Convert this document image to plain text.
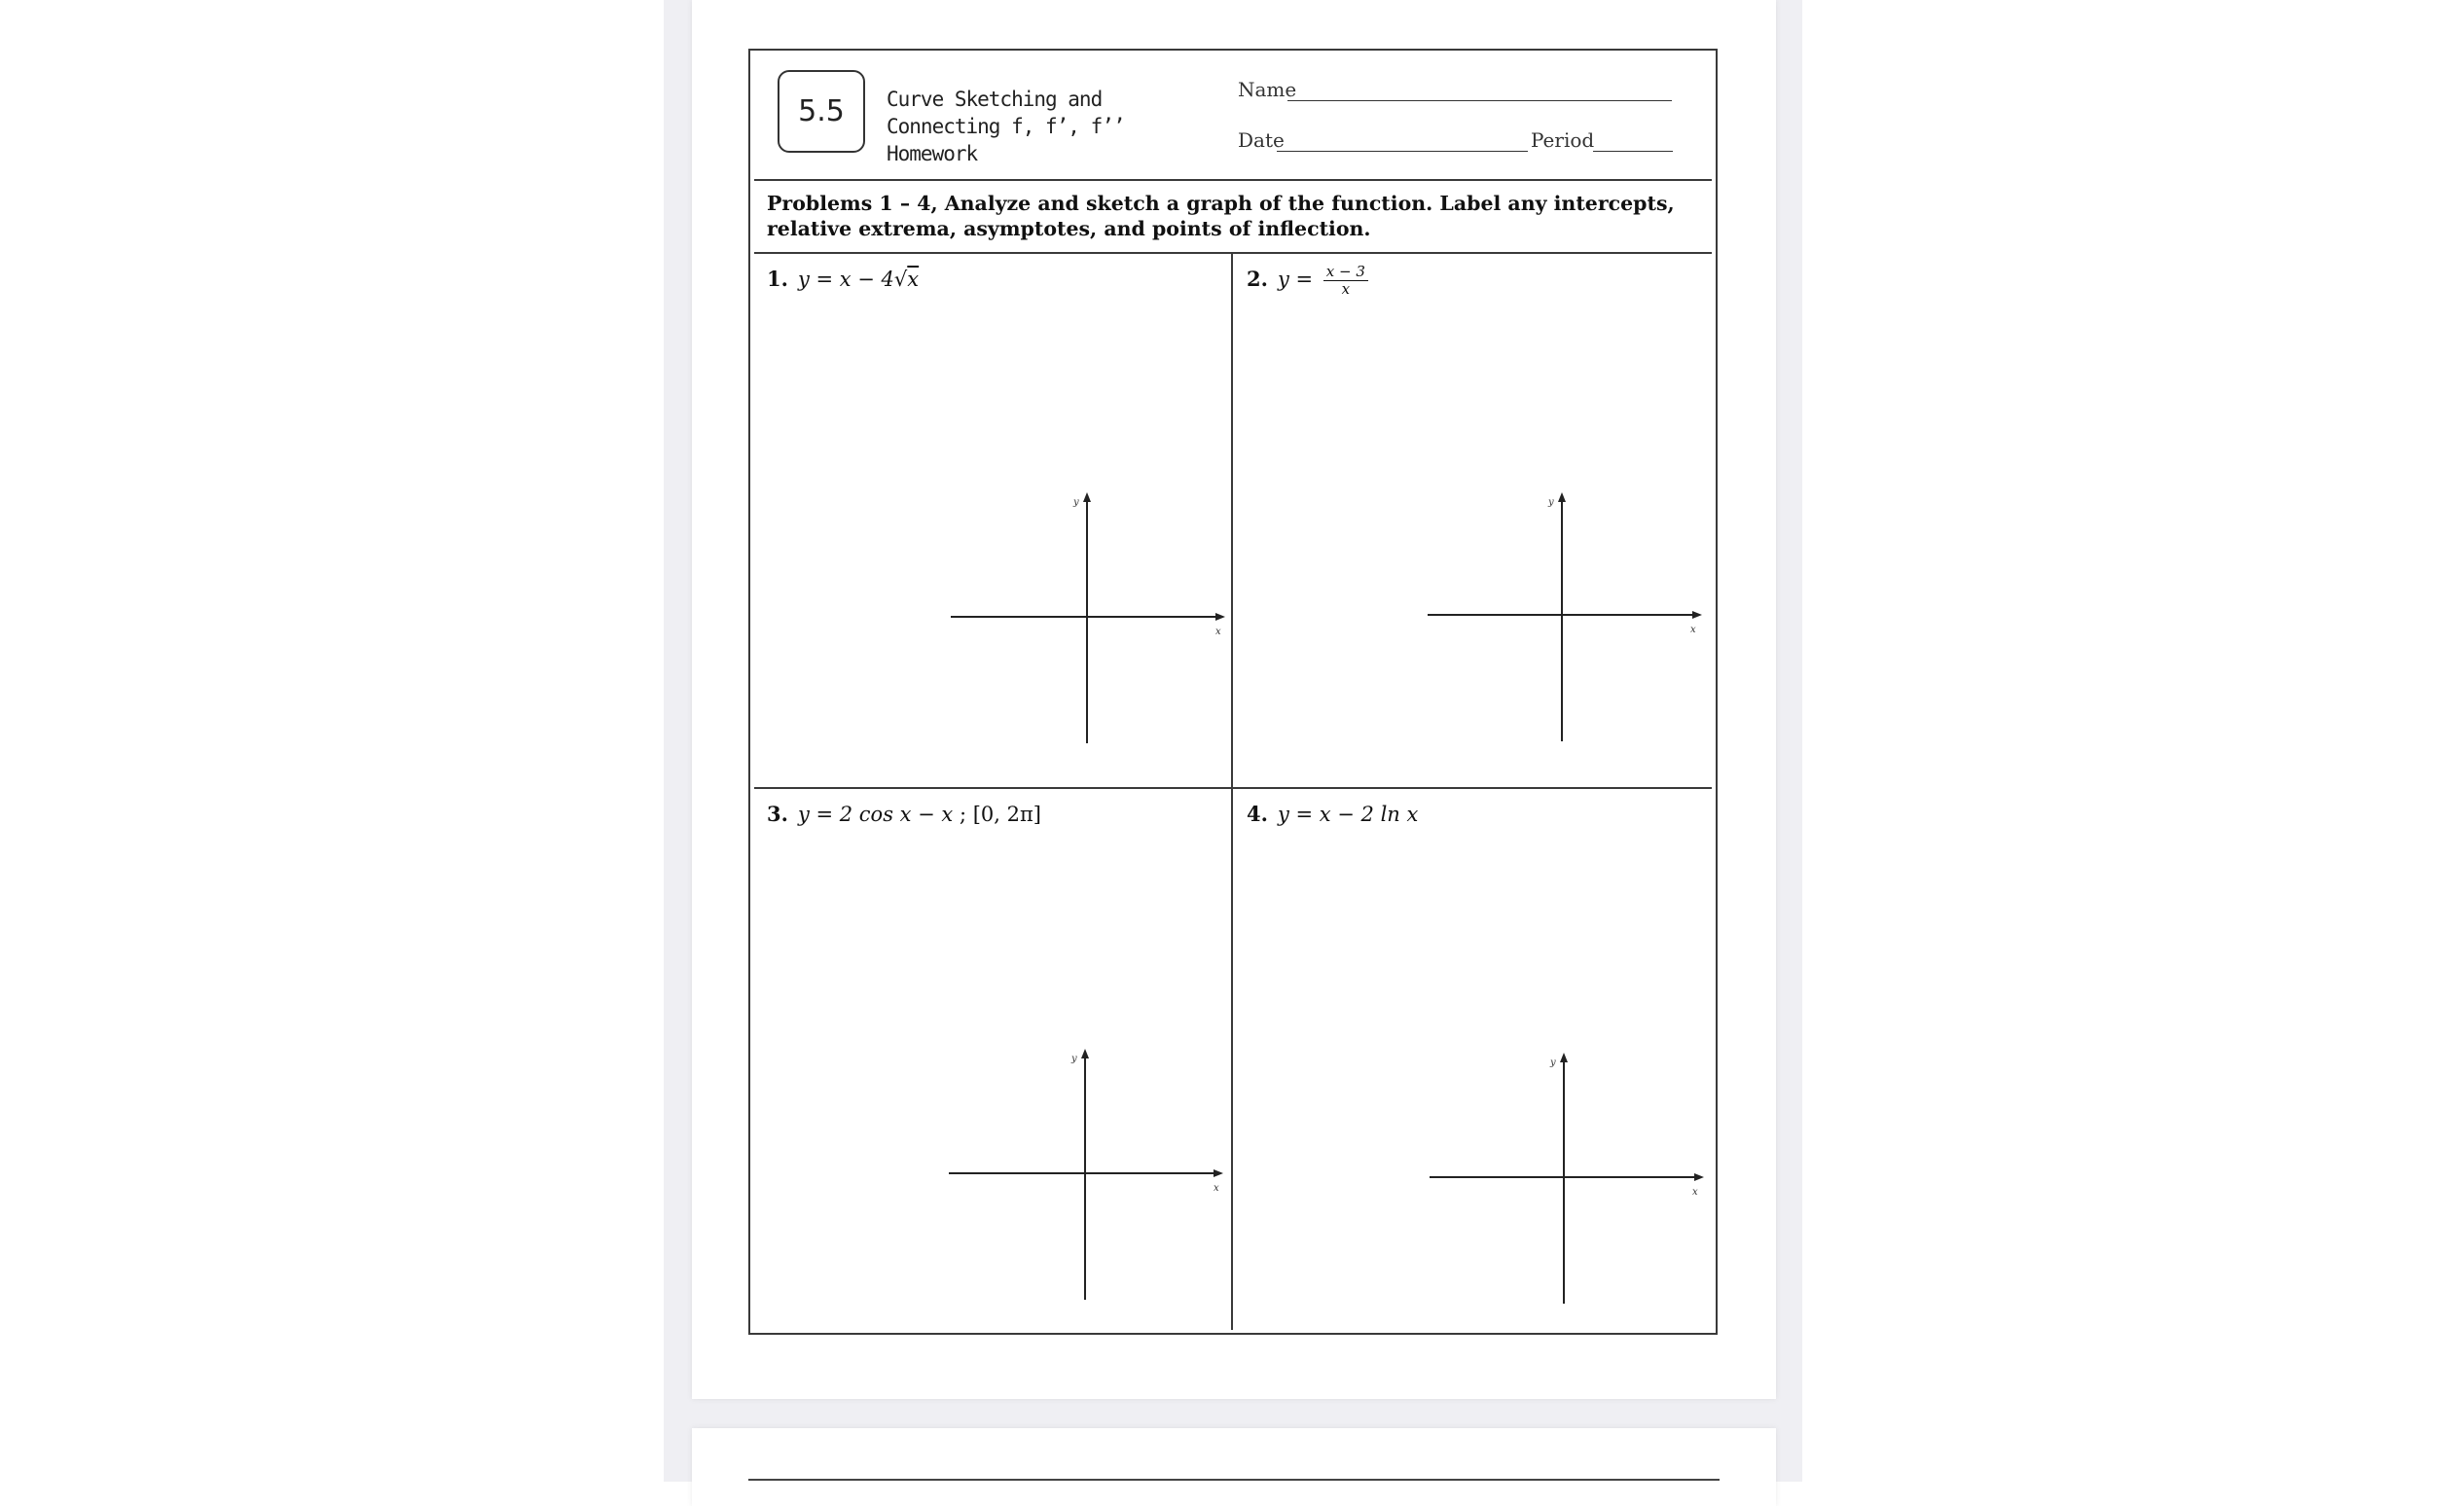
5.5	Curve Sketching and
Connecting f, f’, f’’ Homework
Name
Date	Period
Problems 1 – 4, Analyze and sketch a graph of the function. Label any intercepts, relative extrema, asymptotes, and points of inflection.
1. y = x − 4√x	2. $y = \frac{x - 3}{x}$
3. y = 2 cos x − x ; [0, 2π]	4. y = x − 2 ln x
x
y
x
y
x
y
x
y
